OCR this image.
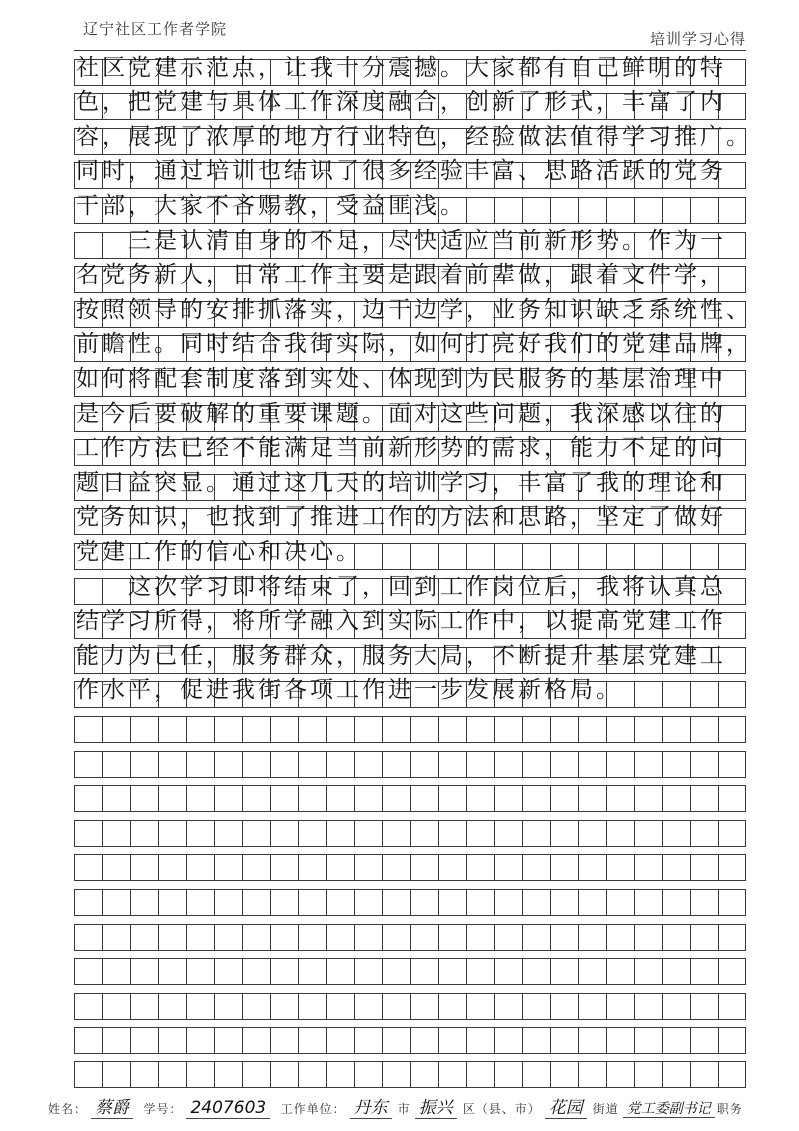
辽宁社区工作者学院
培训学习心得
社区党建示范点，让我十分震撼。大家都有自己鲜明的特
色，把党建与具体工作深度融合，创新了形式，丰富了内
容，展现了浓厚的地方行业特色，经验做法值得学习推广。
同时，通过培训也结识了很多经验丰富、思路活跃的党务
干部，大家不吝赐教，受益匪浅。
　　三是认清自身的不足，尽快适应当前新形势。作为一
名党务新人，日常工作主要是跟着前辈做，跟着文件学，
按照领导的安排抓落实，边干边学，业务知识缺乏系统性、
前瞻性。同时结合我街实际，如何打亮好我们的党建品牌，
如何将配套制度落到实处、体现到为民服务的基层治理中
是今后要破解的重要课题。面对这些问题，我深感以往的
工作方法已经不能满足当前新形势的需求，能力不足的问
题日益突显。通过这几天的培训学习，丰富了我的理论和
党务知识，也找到了推进工作的方法和思路，坚定了做好
党建工作的信心和决心。
　　这次学习即将结束了，回到工作岗位后，我将认真总
结学习所得，将所学融入到实际工作中，以提高党建工作
能力为己任，服务群众，服务大局，不断提升基层党建工
作水平，促进我街各项工作进一步发展新格局。
姓名： 蔡爵 学号： 2407603 工作单位： 丹东 市 振兴 区（县、市） 花园 街道 党工委副书记 职务
